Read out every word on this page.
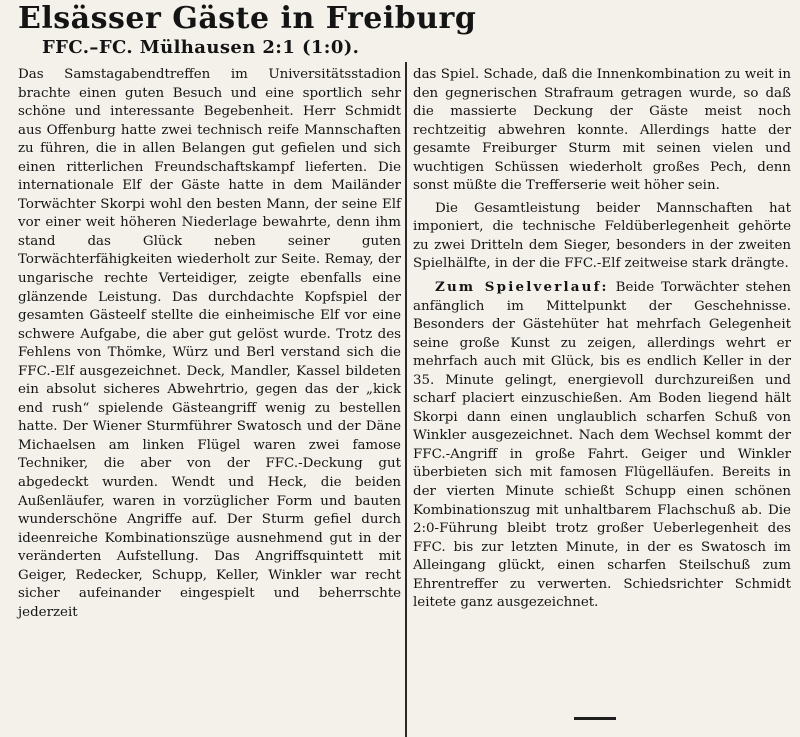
Elsässer Gäste in Freiburg
FFC.–FC. Mülhausen 2:1 (1:0).

Das Samstagabendtreffen im Universitätsstadion brachte einen guten Besuch und eine sportlich sehr schöne und interessante Begebenheit. Herr Schmidt aus Offenburg hatte zwei technisch reife Mannschaften zu führen, die in allen Belangen gut gefielen und sich einen ritterlichen Freundschaftskampf lieferten. Die internationale Elf der Gäste hatte in dem Mailänder Torwächter Skorpi wohl den besten Mann, der seine Elf vor einer weit höheren Niederlage bewahrte, denn ihm stand das Glück neben seiner guten Torwächterfähigkeiten wiederholt zur Seite. Remay, der ungarische rechte Verteidiger, zeigte ebenfalls eine glänzende Leistung. Das durchdachte Kopfspiel der gesamten Gästeelf stellte die einheimische Elf vor eine schwere Aufgabe, die aber gut gelöst wurde. Trotz des Fehlens von Thömke, Würz und Berl verstand sich die FFC.-Elf ausgezeichnet. Deck, Mandler, Kassel bildeten ein absolut sicheres Abwehrtrio, gegen das der „kick end rush“ spielende Gästeangriff wenig zu bestellen hatte. Der Wiener Sturmführer Swatosch und der Däne Michaelsen am linken Flügel waren zwei famose Techniker, die aber von der FFC.-Deckung gut abgedeckt wurden. Wendt und Heck, die beiden Außenläufer, waren in vorzüglicher Form und bauten wunderschöne Angriffe auf. Der Sturm gefiel durch ideenreiche Kombinationszüge ausnehmend gut in der veränderten Aufstellung. Das Angriffsquintett mit Geiger, Redecker, Schupp, Keller, Winkler war recht sicher aufeinander eingespielt und beherrschte jederzeit

das Spiel. Schade, daß die Innenkombination zu weit in den gegnerischen Strafraum getragen wurde, so daß die massierte Deckung der Gäste meist noch rechtzeitig abwehren konnte. Allerdings hatte der gesamte Freiburger Sturm mit seinen vielen und wuchtigen Schüssen wiederholt großes Pech, denn sonst müßte die Trefferserie weit höher sein.

Die Gesamtleistung beider Mannschaften hat imponiert, die technische Feldüberlegenheit gehörte zu zwei Dritteln dem Sieger, besonders in der zweiten Spielhälfte, in der die FFC.-Elf zeitweise stark drängte.

Zum Spielverlauf: Beide Torwächter stehen anfänglich im Mittelpunkt der Geschehnisse. Besonders der Gästehüter hat mehrfach Gelegenheit seine große Kunst zu zeigen, allerdings wehrt er mehrfach auch mit Glück, bis es endlich Keller in der 35. Minute gelingt, energievoll durchzureißen und scharf placiert einzuschießen. Am Boden liegend hält Skorpi dann einen unglaublich scharfen Schuß von Winkler ausgezeichnet. Nach dem Wechsel kommt der FFC.-Angriff in große Fahrt. Geiger und Winkler überbieten sich mit famosen Flügelläufen. Bereits in der vierten Minute schießt Schupp einen schönen Kombinationszug mit unhaltbarem Flachschuß ab. Die 2:0-Führung bleibt trotz großer Ueberlegenheit des FFC. bis zur letzten Minute, in der es Swatosch im Alleingang glückt, einen scharfen Steilschuß zum Ehrentreffer zu verwerten. Schiedsrichter Schmidt leitete ganz ausgezeichnet.
